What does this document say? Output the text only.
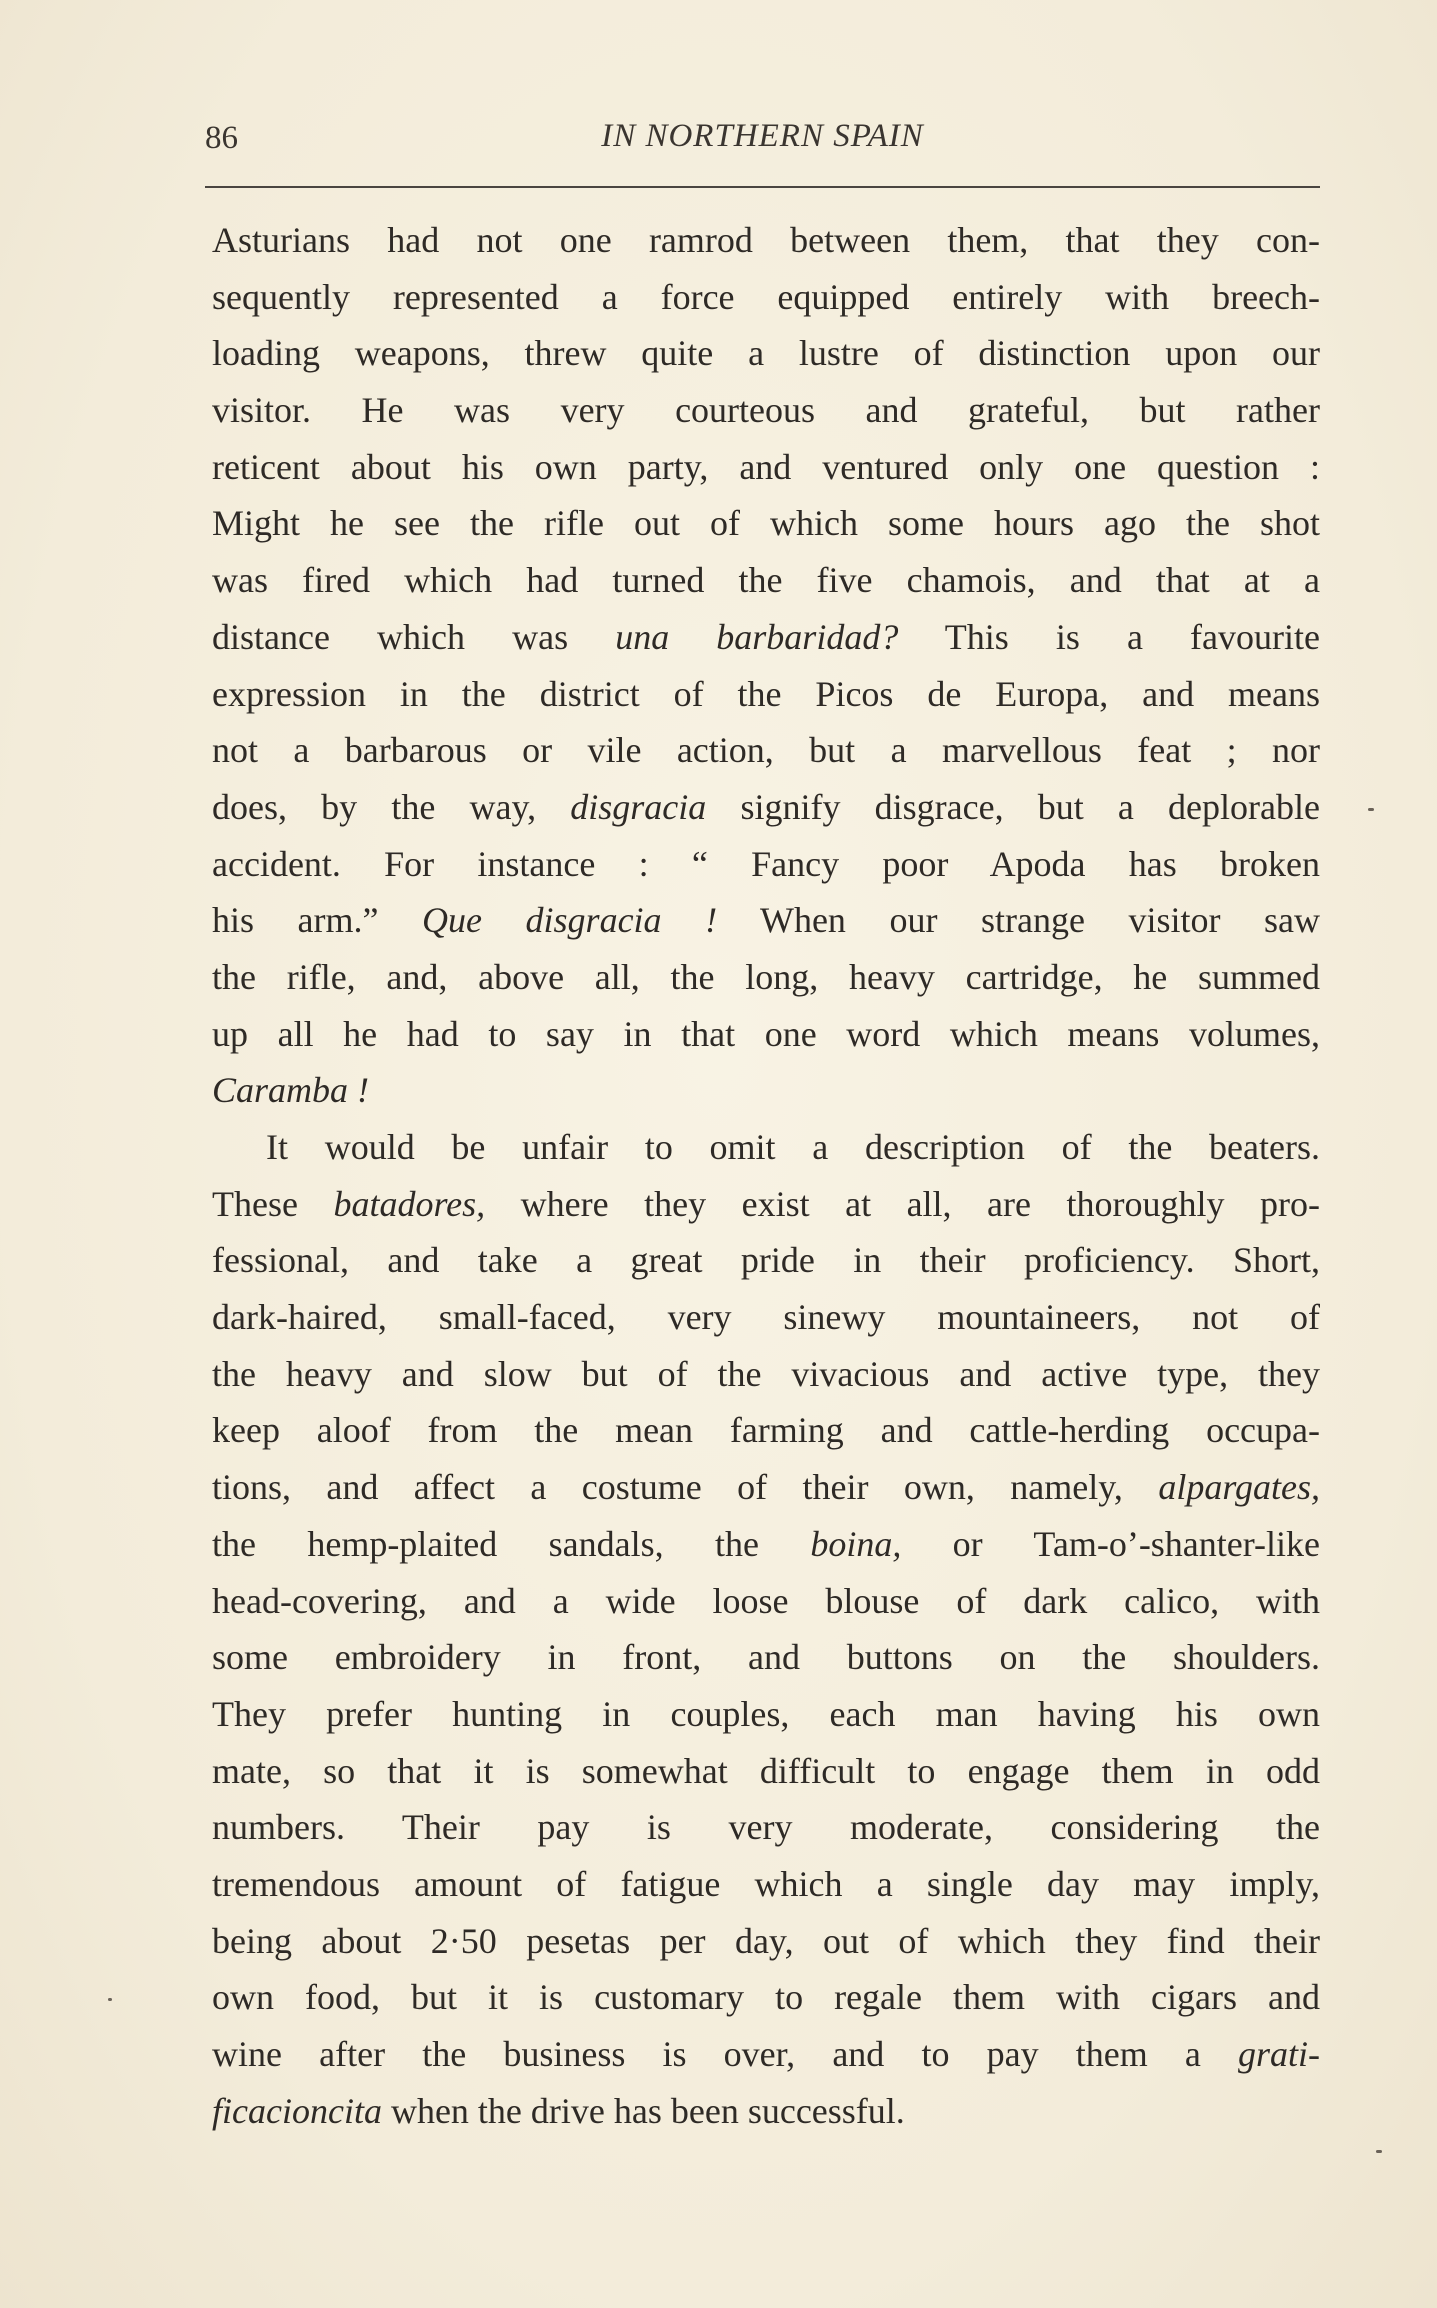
86	IN NORTHERN SPAIN
Asturians had not one ramrod between them, that they con-
sequently represented a force equipped entirely with breech-
loading weapons, threw quite a lustre of distinction upon our
visitor. He was very courteous and grateful, but rather
reticent about his own party, and ventured only one question :
Might he see the rifle out of which some hours ago the shot
was fired which had turned the five chamois, and that at a
distance which was una barbaridad? This is a favourite
expression in the district of the Picos de Europa, and means
not a barbarous or vile action, but a marvellous feat ; nor
does, by the way, disgracia signify disgrace, but a deplorable
accident. For instance : “ Fancy poor Apoda has broken
his arm.” Que disgracia ! When our strange visitor saw
the rifle, and, above all, the long, heavy cartridge, he summed
up all he had to say in that one word which means volumes,
Caramba !
It would be unfair to omit a description of the beaters.
These batadores, where they exist at all, are thoroughly pro-
fessional, and take a great pride in their proficiency. Short,
dark-haired, small-faced, very sinewy mountaineers, not of
the heavy and slow but of the vivacious and active type, they
keep aloof from the mean farming and cattle-herding occupa-
tions, and affect a costume of their own, namely, alpargates,
the hemp-plaited sandals, the boina, or Tam-o’-shanter-like
head-covering, and a wide loose blouse of dark calico, with
some embroidery in front, and buttons on the shoulders.
They prefer hunting in couples, each man having his own
mate, so that it is somewhat difficult to engage them in odd
numbers. Their pay is very moderate, considering the
tremendous amount of fatigue which a single day may imply,
being about 2·50 pesetas per day, out of which they find their
own food, but it is customary to regale them with cigars and
wine after the business is over, and to pay them a grati-
ficacioncita when the drive has been successful.
